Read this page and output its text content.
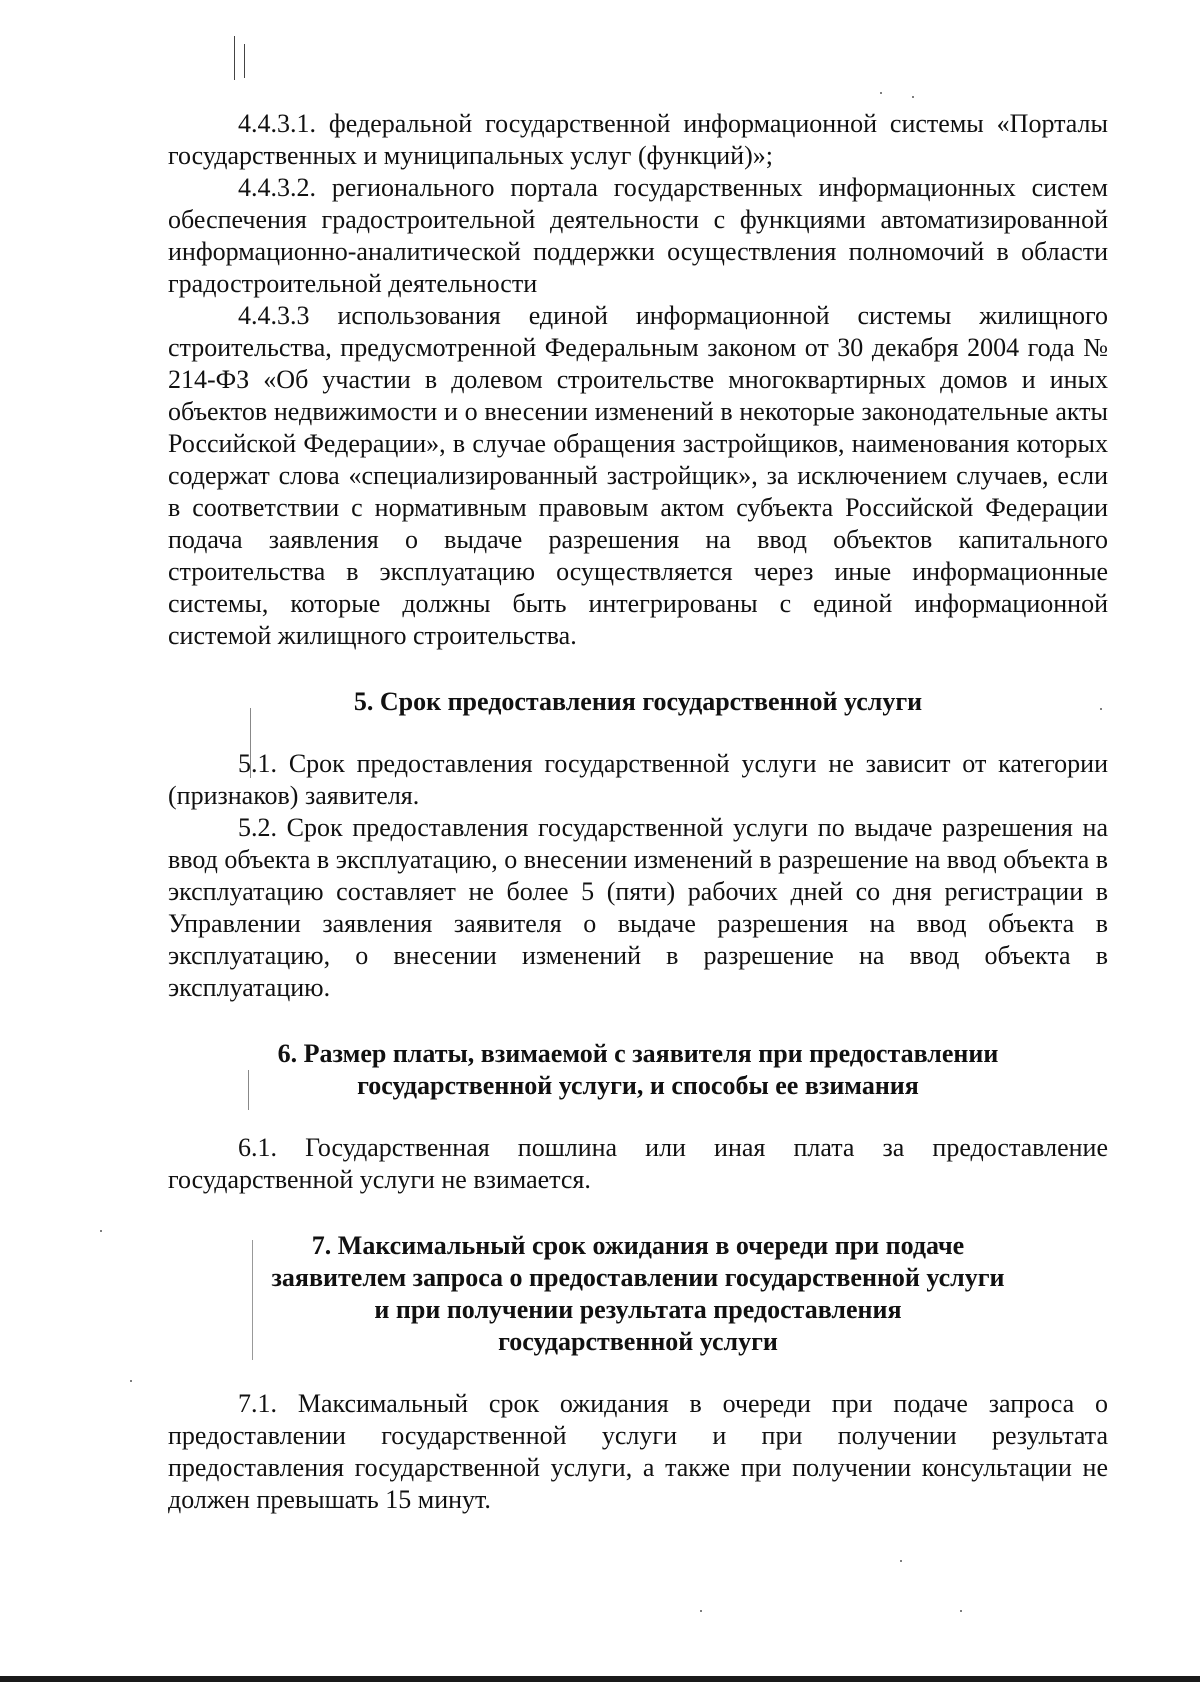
4.4.3.1. федеральной государственной информационной системы «Порталы государственных и муниципальных услуг (функций)»;

4.4.3.2. регионального портала государственных информационных систем обеспечения градостроительной деятельности с функциями автоматизированной информационно-аналитической поддержки осуществления полномочий в области градостроительной деятельности

4.4.3.3 использования единой информационной системы жилищного строительства, предусмотренной Федеральным законом от 30 декабря 2004 года № 214-ФЗ «Об участии в долевом строительстве многоквартирных домов и иных объектов недвижимости и о внесении изменений в некоторые законодательные акты Российской Федерации», в случае обращения застройщиков, наименования которых содержат слова «специализированный застройщик», за исключением случаев, если в соответствии с нормативным правовым актом субъекта Российской Федерации подача заявления о выдаче разрешения на ввод объектов капитального строительства в эксплуатацию осуществляется через иные информационные системы, которые должны быть интегрированы с единой информационной системой жилищного строительства.

5. Срок предоставления государственной услуги

5.1. Срок предоставления государственной услуги не зависит от категории (признаков) заявителя.

5.2. Срок предоставления государственной услуги по выдаче разрешения на ввод объекта в эксплуатацию, о внесении изменений в разрешение на ввод объекта в эксплуатацию составляет не более 5 (пяти) рабочих дней со дня регистрации в Управлении заявления заявителя о выдаче разрешения на ввод объекта в эксплуатацию, о внесении изменений в разрешение на ввод объекта в эксплуатацию.

6. Размер платы, взимаемой с заявителя при предоставлении
государственной услуги, и способы ее взимания

6.1. Государственная пошлина или иная плата за предоставление государственной услуги не взимается.

7. Максимальный срок ожидания в очереди при подаче
заявителем запроса о предоставлении государственной услуги
и при получении результата предоставления
государственной услуги

7.1. Максимальный срок ожидания в очереди при подаче запроса о предоставлении государственной услуги и при получении результата предоставления государственной услуги, а также при получении консультации не должен превышать 15 минут.
